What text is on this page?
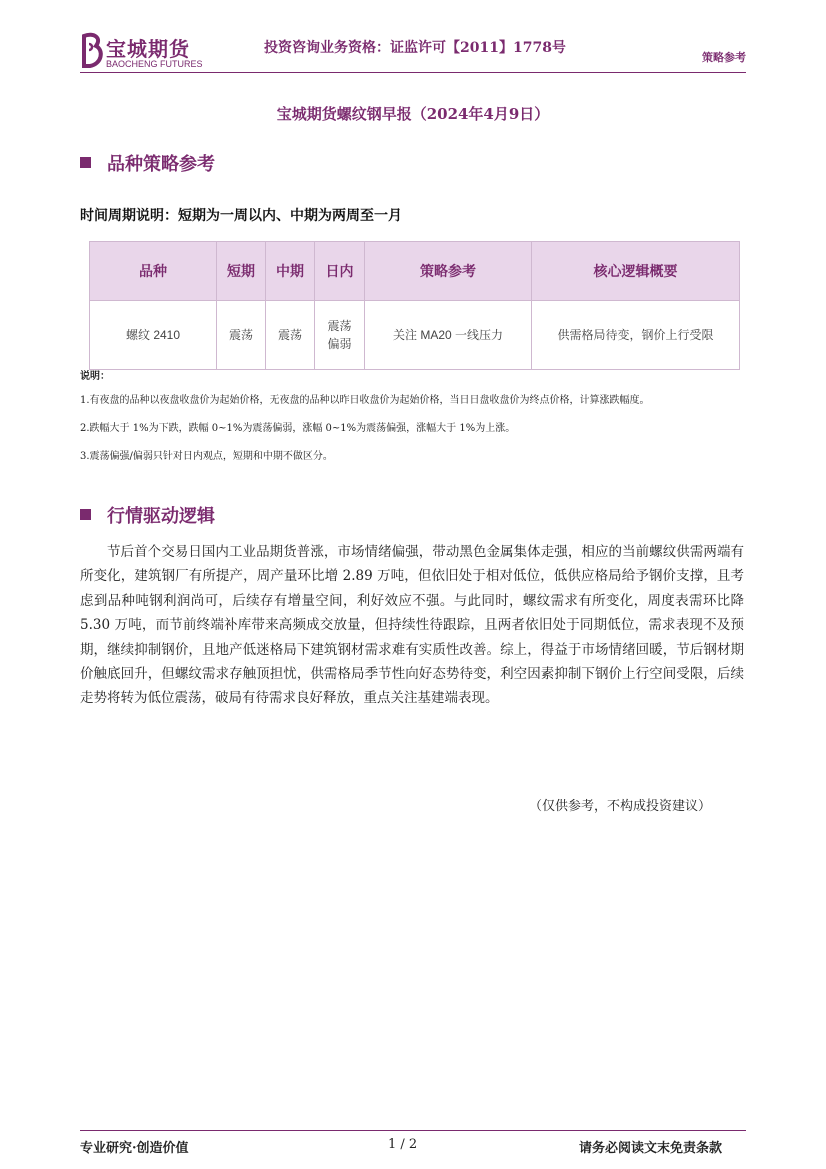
宝城期货
BAOCHENG FUTURES
投资咨询业务资格：证监许可【2011】1778号
策略参考
宝城期货螺纹钢早报（2024年4月9日）
品种策略参考
时间周期说明：短期为一周以内、中期为两周至一月
品种	短期	中期	日内	策略参考	核心逻辑概要
螺纹 2410	震荡	震荡	震荡偏弱	关注 MA20 一线压力	供需格局待变，钢价上行受限
说明：

1.有夜盘的品种以夜盘收盘价为起始价格，无夜盘的品种以昨日收盘价为起始价格，当日日盘收盘价为终点价格，计算涨跌幅度。

2.跌幅大于 1%为下跌，跌幅 0~1%为震荡偏弱，涨幅 0~1%为震荡偏强，涨幅大于 1%为上涨。

3.震荡偏强/偏弱只针对日内观点，短期和中期不做区分。

行情驱动逻辑

节后首个交易日国内工业品期货普涨，市场情绪偏强，带动黑色金属集体走强，相应的当前螺纹供需两端有所变化，建筑钢厂有所提产，周产量环比增 2.89 万吨，但依旧处于相对低位，低供应格局给予钢价支撑，且考虑到品种吨钢利润尚可，后续存有增量空间，利好效应不强。与此同时，螺纹需求有所变化，周度表需环比降 5.30 万吨，而节前终端补库带来高频成交放量，但持续性待跟踪，且两者依旧处于同期低位，需求表现不及预期，继续抑制钢价，且地产低迷格局下建筑钢材需求难有实质性改善。综上，得益于市场情绪回暖，节后钢材期价触底回升，但螺纹需求存触顶担忧，供需格局季节性向好态势待变，利空因素抑制下钢价上行空间受限，后续走势将转为低位震荡，破局有待需求良好释放，重点关注基建端表现。

（仅供参考，不构成投资建议）
专业研究·创造价值	1 / 2	请务必阅读文末免责条款
